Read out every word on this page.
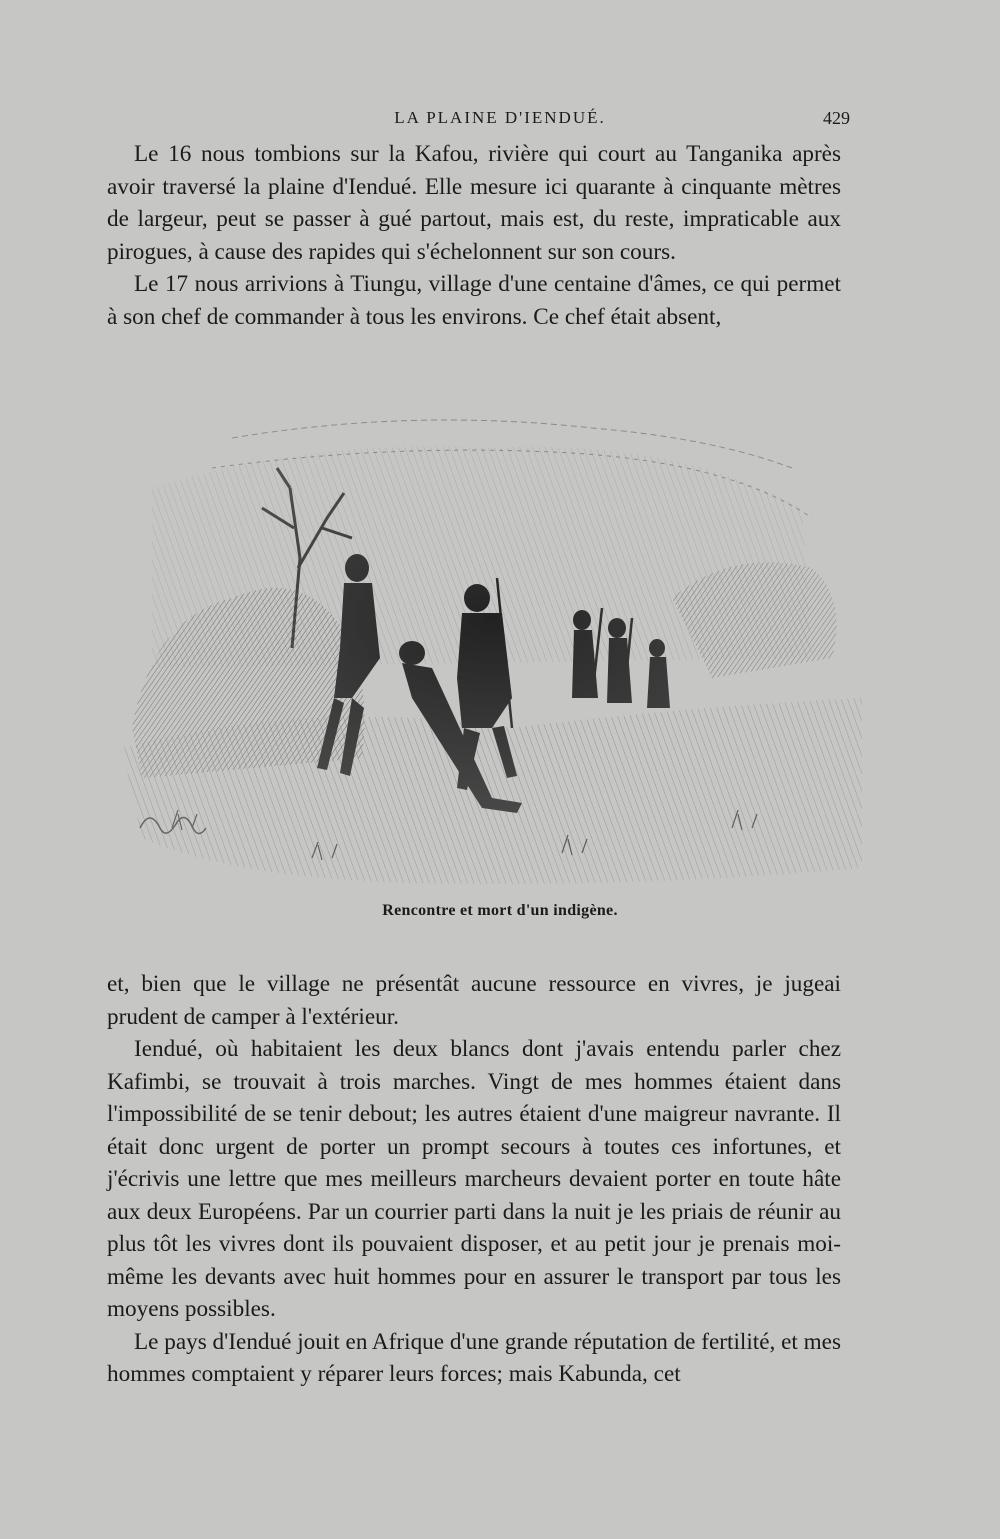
LA PLAINE D'IENDUÉ.	429

Le 16 nous tombions sur la Kafou, rivière qui court au Tanganika après avoir traversé la plaine d'Iendué. Elle mesure ici quarante à cinquante mètres de largeur, peut se passer à gué partout, mais est, du reste, impraticable aux pirogues, à cause des rapides qui s'échelonnent sur son cours.

Le 17 nous arrivions à Tiungu, village d'une centaine d'âmes, ce qui permet à son chef de commander à tous les environs. Ce chef était absent,

Rencontre et mort d'un indigène.

et, bien que le village ne présentât aucune ressource en vivres, je jugeai prudent de camper à l'extérieur.

Iendué, où habitaient les deux blancs dont j'avais entendu parler chez Kafimbi, se trouvait à trois marches. Vingt de mes hommes étaient dans l'impossibilité de se tenir debout; les autres étaient d'une maigreur navrante. Il était donc urgent de porter un prompt secours à toutes ces infortunes, et j'écrivis une lettre que mes meilleurs marcheurs devaient porter en toute hâte aux deux Européens. Par un courrier parti dans la nuit je les priais de réunir au plus tôt les vivres dont ils pouvaient disposer, et au petit jour je prenais moi-même les devants avec huit hommes pour en assurer le transport par tous les moyens possibles.

Le pays d'Iendué jouit en Afrique d'une grande réputation de fertilité, et mes hommes comptaient y réparer leurs forces; mais Kabunda, cet
